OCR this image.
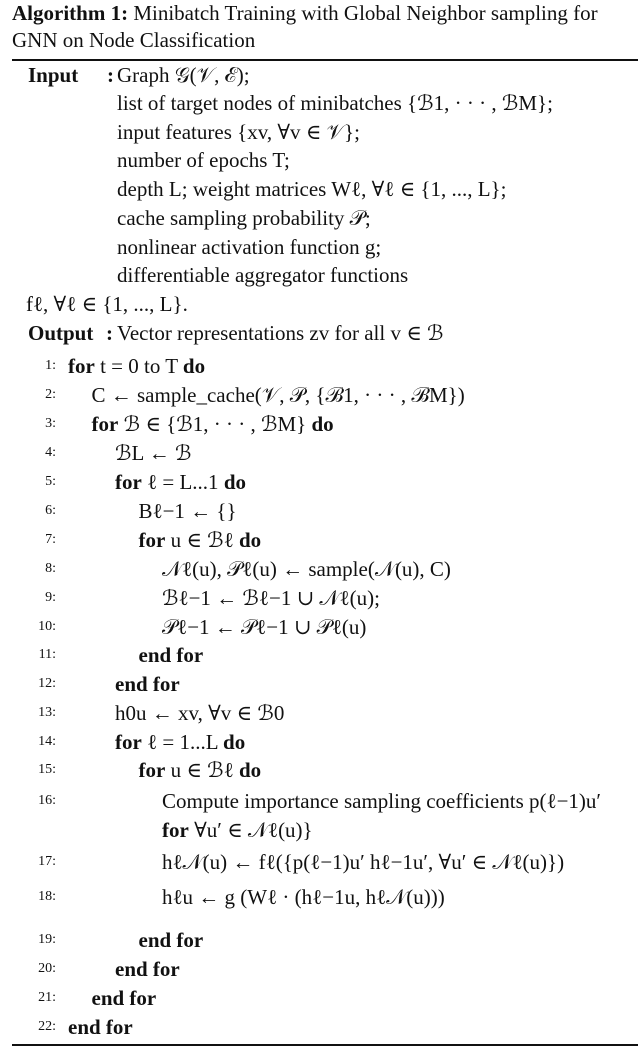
Algorithm 1: Minibatch Training with Global Neighbor sampling for GNN on Node Classification
Input : Graph 𝒢(𝒱, ℰ);
list of target nodes of minibatches {ℬ1, · · · , ℬM};
input features {xv, ∀v ∈ 𝒱};
number of epochs T;
depth L; weight matrices Wℓ, ∀ℓ ∈ {1, ..., L};
cache sampling probability 𝒫;
nonlinear activation function g;
differentiable aggregator functions
fℓ, ∀ℓ ∈ {1, ..., L}.
Output : Vector representations zv for all v ∈ ℬ
1: for t = 0 to T do
2: C ← sample_cache(𝒱, 𝒫, {ℬ1, · · · , ℬM})
3: for ℬ ∈ {ℬ1, · · · , ℬM} do
4:	ℬL ← ℬ
5:	for ℓ = L...1 do
6:	Bℓ−1 ← {}
7:	for u ∈ ℬℓ do
8:	𝒩ℓ(u), 𝒫ℓ(u) ← sample(𝒩(u), C)
9:	ℬℓ−1 ← ℬℓ−1 ∪ 𝒩ℓ(u);
10:	𝒫ℓ−1 ← 𝒫ℓ−1 ∪ 𝒫ℓ(u)
11:	end for
12:	end for
13:	h0u ← xv, ∀v ∈ ℬ0
14:	for ℓ = 1...L do
15:	for u ∈ ℬℓ do
16:	Compute importance sampling coefficients p(ℓ−1)u′
for ∀u′ ∈ 𝒩ℓ(u)}
17:	hℓ𝒩(u) ← fℓ({p(ℓ−1)u′ hℓ−1u′, ∀u′ ∈ 𝒩ℓ(u)})
18:	hℓu ← g (Wℓ · (hℓ−1u, hℓ𝒩(u)))
19:	end for
20:	end for
21: end for
22: end for
